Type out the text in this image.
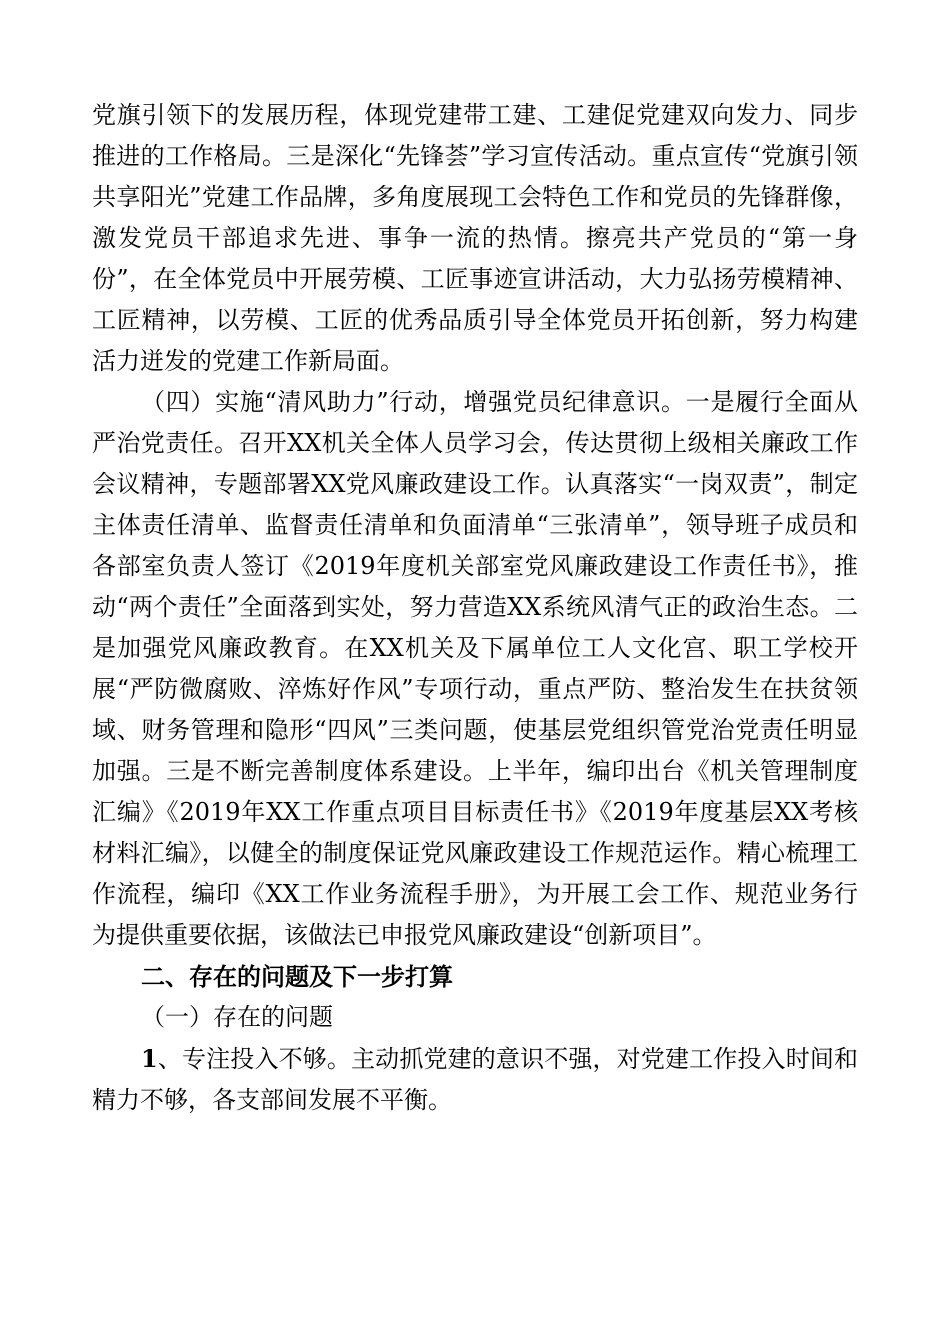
党旗引领下的发展历程，体现党建带工建、工建促党建双向发力、同步推进的工作格局。三是深化“先锋荟”学习宣传活动。重点宣传“党旗引领　共享阳光”党建工作品牌，多角度展现工会特色工作和党员的先锋群像，激发党员干部追求先进、事争一流的热情。擦亮共产党员的“第一身份”，在全体党员中开展劳模、工匠事迹宣讲活动，大力弘扬劳模精神、工匠精神，以劳模、工匠的优秀品质引导全体党员开拓创新，努力构建活力迸发的党建工作新局面。

（四）实施“清风助力”行动，增强党员纪律意识。一是履行全面从严治党责任。召开XX机关全体人员学习会，传达贯彻上级相关廉政工作会议精神，专题部署XX党风廉政建设工作。认真落实“一岗双责”，制定主体责任清单、监督责任清单和负面清单“三张清单”，领导班子成员和各部室负责人签订《2019年度机关部室党风廉政建设工作责任书》，推动“两个责任”全面落到实处，努力营造XX系统风清气正的政治生态。二是加强党风廉政教育。在XX机关及下属单位工人文化宫、职工学校开展“严防微腐败、淬炼好作风”专项行动，重点严防、整治发生在扶贫领域、财务管理和隐形“四风”三类问题，使基层党组织管党治党责任明显加强。三是不断完善制度体系建设。上半年，编印出台《机关管理制度汇编》《2019年XX工作重点项目目标责任书》《2019年度基层XX考核材料汇编》，以健全的制度保证党风廉政建设工作规范运作。精心梳理工作流程，编印《XX工作业务流程手册》，为开展工会工作、规范业务行为提供重要依据，该做法已申报党风廉政建设“创新项目”。

二、存在的问题及下一步打算

（一）存在的问题

1、专注投入不够。主动抓党建的意识不强，对党建工作投入时间和精力不够，各支部间发展不平衡。
